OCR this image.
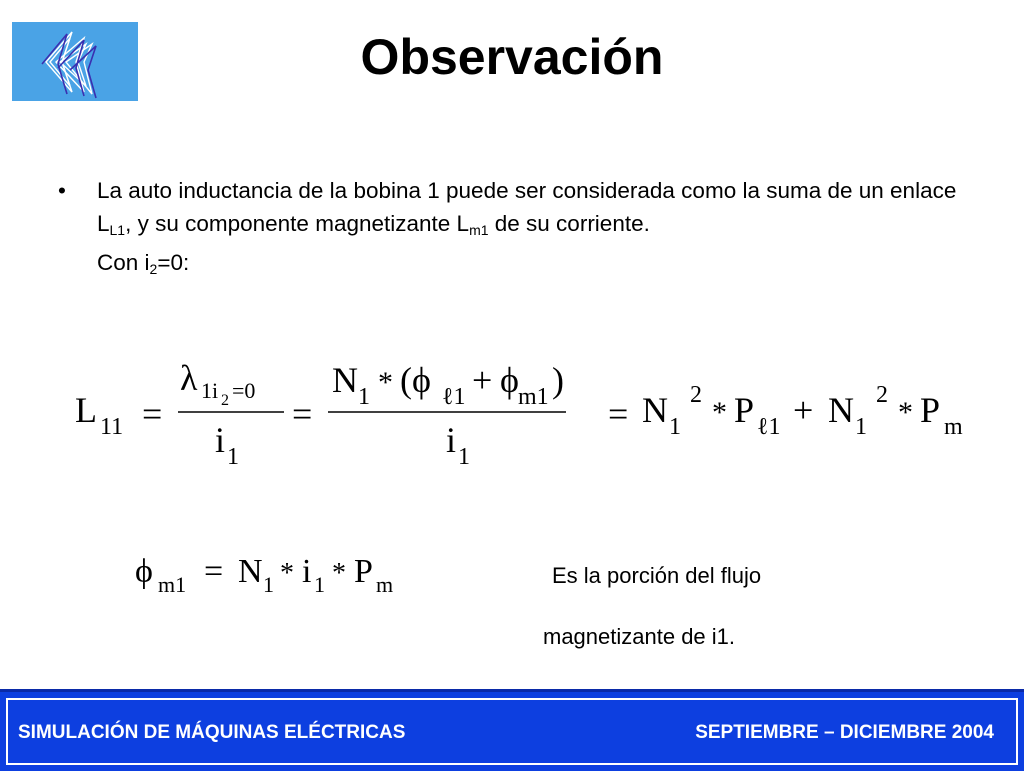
Observación
• La auto inductancia de la bobina 1 puede ser considerada como la suma de un enlace $L_{L1}$, y su componente magnetizante $L_{m1}$ de su corriente.
Con $i_2=0$:
L 11 =
λ 1i 2 =0
i 1
=
N 1 * (ϕ ℓ1 + ϕ m1 )
i 1
= N 1
2
* P ℓ1 + N 1
2
* P m
ϕ m1 = N 1 * i 1 * P m	Es la porción del flujo
magnetizante de i1.
SIMULACIÓN DE MÁQUINAS ELÉCTRICAS	SEPTIEMBRE – DICIEMBRE 2004
